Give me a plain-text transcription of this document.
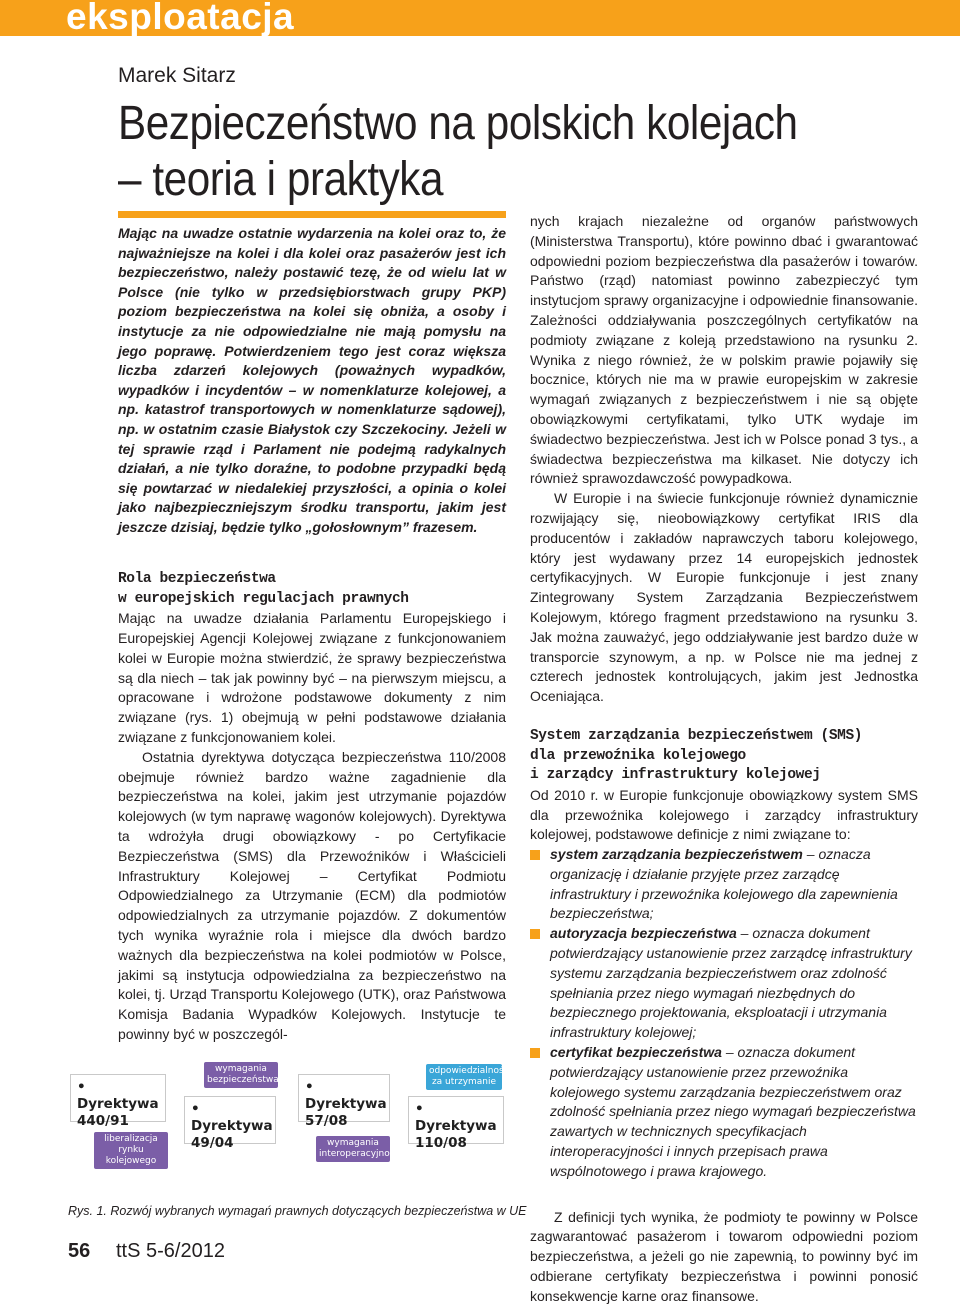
eksploatacja
Marek Sitarz
Bezpieczeństwo na polskich kolejach
– teoria i praktyka
Mając na uwadze ostatnie wydarzenia na kolei oraz to, że najważniejsze na kolei i dla kolei oraz pasażerów jest ich bezpieczeństwo, należy postawić tezę, że od wielu lat w Polsce (nie tylko w przedsiębiorstwach grupy PKP) poziom bezpieczeństwa na kolei się obniża, a osoby i instytucje za nie odpowiedzialne nie mają pomysłu na jego poprawę. Potwierdzeniem tego jest coraz większa liczba zdarzeń kolejowych (poważnych wypadków, wypadków i incydentów – w nomenklaturze kolejowej, a np. katastrof transportowych w nomenklaturze sądowej), np. w ostatnim czasie Białystok czy Szczekociny. Jeżeli w tej sprawie rząd i Parlament nie podejmą radykalnych działań, a nie tylko doraźne, to podobne przypadki będą się powtarzać w niedalekiej przyszłości, a opinia o kolei jako najbezpieczniejszym środku transportu, jakim jest jeszcze dzisiaj, będzie tylko „gołosłownym” frazesem.

Rola bezpieczeństwa

w europejskich regulacjach prawnych

Mając na uwadze działania Parlamentu Europejskiego i Europejskiej Agencji Kolejowej związane z funkcjonowaniem kolei w Europie można stwierdzić, że sprawy bezpieczeństwa są dla niech – tak jak powinny być – na pierwszym miejscu, a opracowane i wdrożone podstawowe dokumenty z nim związane (rys. 1) obejmują w pełni podstawowe działania związane z funkcjonowaniem kolei.

Ostatnia dyrektywa dotycząca bezpieczeństwa 110/2008 obejmuje również bardzo ważne zagadnienie dla bezpieczeństwa na kolei, jakim jest utrzymanie pojazdów kolejowych (w tym naprawę wagonów kolejowych). Dyrektywa ta wdrożyła drugi obowiązkowy - po Certyfikacie Bezpieczeństwa (SMS) dla Przewoźników i Właścicieli Infrastruktury Kolejowej – Certyfikat Podmiotu Odpowiedzialnego za Utrzymanie (ECM) dla podmiotów odpowiedzialnych za utrzymanie pojazdów. Z dokumentów tych wynika wyraźnie rola i miejsce dla dwóch bardzo ważnych dla bezpieczeństwa na kolei podmiotów w Polsce, jakimi są instytucja odpowiedzialna za bezpieczeństwo na kolei, tj. Urząd Transportu Kolejowego (UTK), oraz Państwowa Komisja Badania Wypadków Kolejowych. Instytucje te powinny być w poszczegól-

nych krajach niezależne od organów państwowych (Ministerstwa Transportu), które powinno dbać i gwarantować odpowiedni poziom bezpieczeństwa dla pasażerów i towarów. Państwo (rząd) natomiast powinno zabezpieczyć tym instytucjom sprawy organizacyjne i odpowiednie finansowanie. Zależności oddziaływania poszczególnych certyfikatów na podmioty związane z koleją przedstawiono na rysunku 2. Wynika z niego również, że w polskim prawie pojawiły się bocznice, których nie ma w prawie europejskim w zakresie wymagań związanych z bezpieczeństwem i nie są objęte obowiązkowymi certyfikatami, tylko UTK wydaje im świadectwo bezpieczeństwa. Jest ich w Polsce ponad 3 tys., a świadectwa bezpieczeństwa ma kilkaset. Nie dotyczy ich również sprawozdawczość powypadkowa.

W Europie i na świecie funkcjonuje również dynamicznie rozwijający się, nieobowiązkowy certyfikat IRIS dla producentów i zakładów naprawczych taboru kolejowego, który jest wydawany przez 14 europejskich jednostek certyfikacyjnych. W Europie funkcjonuje i jest znany Zintegrowany System Zarządzania Bezpieczeństwem Kolejowym, którego fragment przedstawiono na rysunku 3. Jak można zauważyć, jego oddziaływanie jest bardzo duże w transporcie szynowym, a np. w Polsce nie ma jednej z czterech jednostek kontrolujących, jakim jest Jednostka Oceniająca.

System zarządzania bezpieczeństwem (SMS)

dla przewoźnika kolejowego

i zarządcy infrastruktury kolejowej

Od 2010 r. w Europie funkcjonuje obowiązkowy system SMS dla przewoźnika kolejowego i zarządcy infrastruktury kolejowej, podstawowe definicje z nimi związane to:

system zarządzania bezpieczeństwem – oznacza organizację i działanie przyjęte przez zarządcę infrastruktury i przewoźnika kolejowego dla zapewnienia bezpieczeństwa;
autoryzacja bezpieczeństwa – oznacza dokument potwierdzający ustanowienie przez zarządcę infrastruktury systemu zarządzania bezpieczeństwem oraz zdolność spełniania przez niego wymagań niezbędnych do bezpiecznego projektowania, eksploatacji i utrzymania infrastruktury kolejowej;
certyfikat bezpieczeństwa – oznacza dokument potwierdzający ustanowienie przez przewoźnika kolejowego systemu zarządzania bezpieczeństwem oraz zdolność spełniania przez niego wymagań bezpieczeństwa zawartych w technicznych specyfikacjach interoperacyjności i innych przepisach prawa wspólnotowego i prawa krajowego.

Z definicji tych wynika, że podmioty te powinny w Polsce zagwarantować pasażerom i towarom odpowiedni poziom bezpieczeństwa, a jeżeli go nie zapewnią, to powinny być im odbierane certyfikaty bezpieczeństwa i powinni ponosić konsekwencje karne oraz finansowe.

• Dyrektywa 440/91
• Dyrektywa 49/04
• Dyrektywa 57/08
• Dyrektywa 110/08
liberalizacja rynku kolejowego
wymagania bezpieczeństwa
wymagania interoperacyjności
odpowiedzialność za utrzymanie
Rys. 1. Rozwój wybranych wymagań prawnych dotyczących bezpieczeństwa w UE
56 ttS 5-6/2012
